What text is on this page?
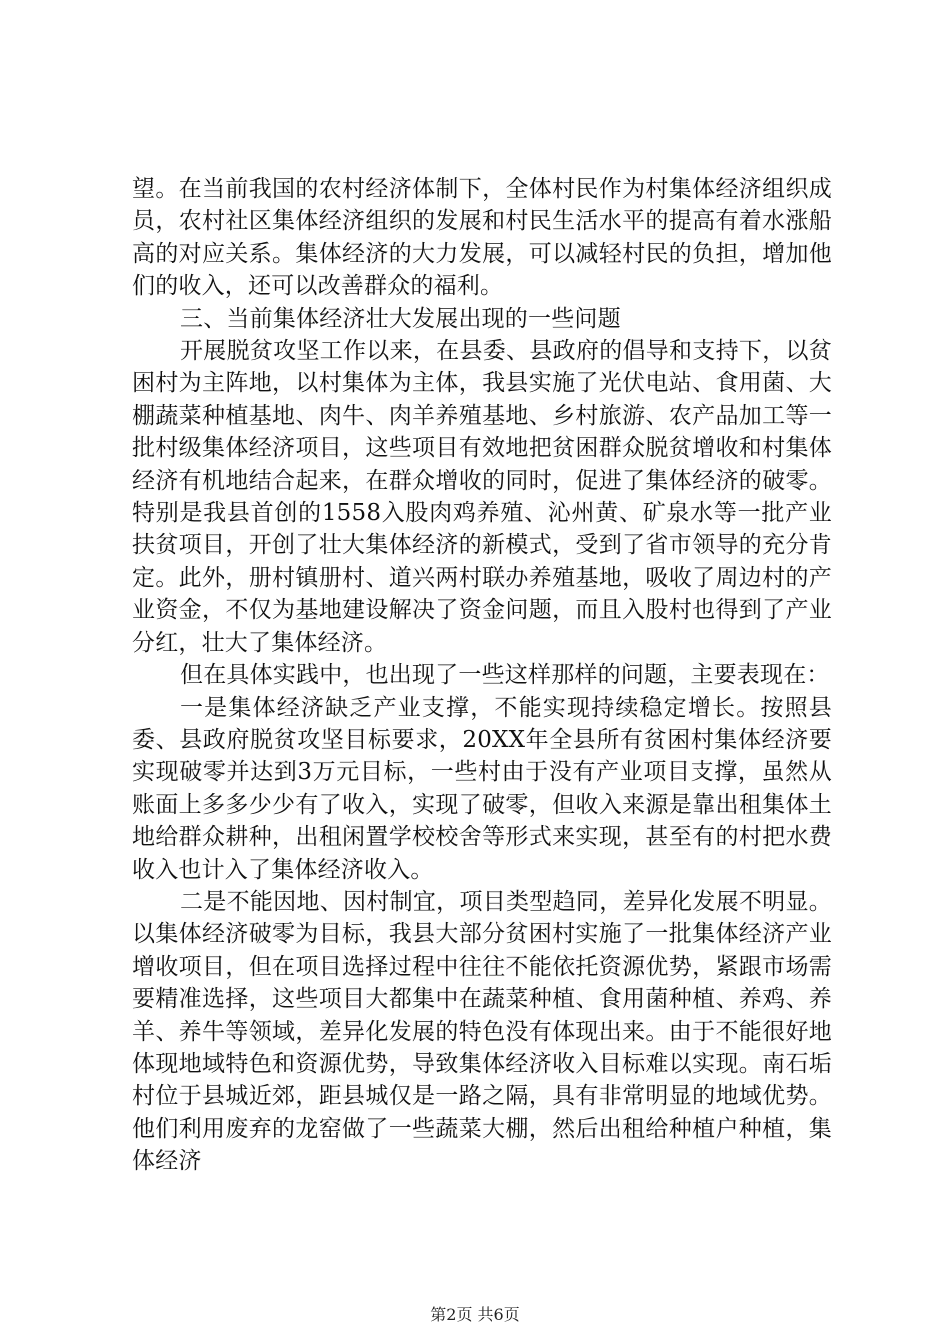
望。在当前我国的农村经济体制下，全体村民作为村集体经济组织成员，农村社区集体经济组织的发展和村民生活水平的提高有着水涨船高的对应关系。集体经济的大力发展，可以减轻村民的负担，增加他们的收入，还可以改善群众的福利。

三、当前集体经济壮大发展出现的一些问题

开展脱贫攻坚工作以来，在县委、县政府的倡导和支持下，以贫困村为主阵地，以村集体为主体，我县实施了光伏电站、食用菌、大棚蔬菜种植基地、肉牛、肉羊养殖基地、乡村旅游、农产品加工等一批村级集体经济项目，这些项目有效地把贫困群众脱贫增收和村集体经济有机地结合起来，在群众增收的同时，促进了集体经济的破零。特别是我县首创的1558入股肉鸡养殖、沁州黄、矿泉水等一批产业扶贫项目，开创了壮大集体经济的新模式，受到了省市领导的充分肯定。此外，册村镇册村、道兴两村联办养殖基地，吸收了周边村的产业资金，不仅为基地建设解决了资金问题，而且入股村也得到了产业分红，壮大了集体经济。

但在具体实践中，也出现了一些这样那样的问题，主要表现在：

一是集体经济缺乏产业支撑，不能实现持续稳定增长。按照县委、县政府脱贫攻坚目标要求，20XX年全县所有贫困村集体经济要实现破零并达到3万元目标，一些村由于没有产业项目支撑，虽然从账面上多多少少有了收入，实现了破零，但收入来源是靠出租集体土地给群众耕种，出租闲置学校校舍等形式来实现，甚至有的村把水费收入也计入了集体经济收入。

二是不能因地、因村制宜，项目类型趋同，差异化发展不明显。以集体经济破零为目标，我县大部分贫困村实施了一批集体经济产业增收项目，但在项目选择过程中往往不能依托资源优势，紧跟市场需要精准选择，这些项目大都集中在蔬菜种植、食用菌种植、养鸡、养羊、养牛等领域，差异化发展的特色没有体现出来。由于不能很好地体现地域特色和资源优势，导致集体经济收入目标难以实现。南石垢村位于县城近郊，距县城仅是一路之隔，具有非常明显的地域优势。他们利用废弃的龙窑做了一些蔬菜大棚，然后出租给种植户种植，集体经济

第2页 共6页
